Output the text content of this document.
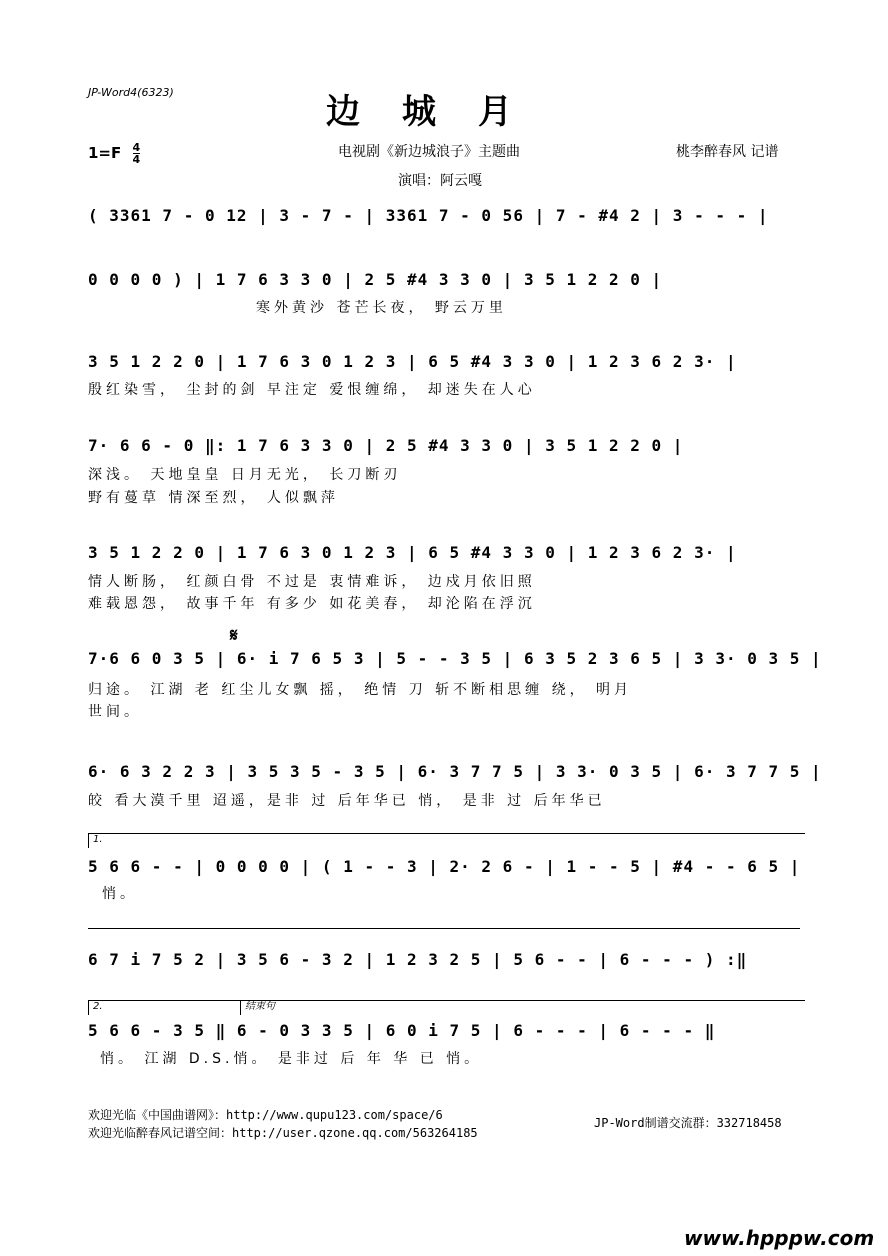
JP-Word4(6323)	边城月
$1=F \frac{4}{4}$	电视剧《新边城浪子》主题曲	桃李醉春风 记谱
演唱：阿云嘎
( 3361 7 - 0 12 | 3 - 7 - | 3361 7 - 0 56 | 7 - #4 2 | 3 - - - |
0 0 0 0 ) | 1 7 6 3 3 0 | 2 5 #4 3 3 0 | 3 5 1 2 2 0 |
寒外黄沙 苍芒长夜， 野云万里
3 5 1 2 2 0 | 1 7 6 3 0 1 2 3 | 6 5 #4 3 3 0 | 1 2 3 6 2 3· |
殷红染雪， 尘封的剑 早注定 爱恨缠绵， 却迷失在人心
7· 6 6 - 0 ‖: 1 7 6 3 3 0 | 2 5 #4 3 3 0 | 3 5 1 2 2 0 |
深浅。 天地皇皇 日月无光， 长刀断刃
野有蔓草 情深至烈， 人似飘萍
3 5 1 2 2 0 | 1 7 6 3 0 1 2 3 | 6 5 #4 3 3 0 | 1 2 3 6 2 3· |
情人断肠， 红颜白骨 不过是 衷情难诉， 边戍月依旧照
难载恩怨， 故事千年 有多少 如花美春， 却沦陷在浮沉
𝄋
7·6 6 0 3 5 | 6· i 7 6 5 3 | 5 - - 3 5 | 6 3 5 2 3 6 5 | 3 3· 0 3 5 |
归途。 江湖 老 红尘儿女飘 摇， 绝情 刀 斩不断相思缠 绕， 明月
世间。
6· 6 3 2 2 3 | 3 5 3 5 - 3 5 | 6· 3 7 7 5 | 3 3· 0 3 5 | 6· 3 7 7 5 |
皎 看大漠千里 迢遥，是非 过 后年华已 悄， 是非 过 后年华已
1.
5 6 6 - - | 0 0 0 0 | ( 1 - - 3 | 2· 2 6 - | 1 - - 5 | #4 - - 6 5 |
悄。
6 7 i 7 5 2 | 3 5 6 - 3 2 | 1 2 3 2 5 | 5 6 - - | 6 - - - ) :‖
2.	结束句
5 6 6 - 3 5 ‖ 6 - 0 3 3 5 | 6 0 i 7 5 | 6 - - - | 6 - - - ‖
悄。 江湖 D.S.悄。 是非过 后 年 华 已 悄。
欢迎光临《中国曲谱网》：http://www.qupu123.com/space/6
欢迎光临醉春风记谱空间：http://user.qzone.qq.com/563264185
JP-Word制谱交流群：332718458
www.hpppw.com
